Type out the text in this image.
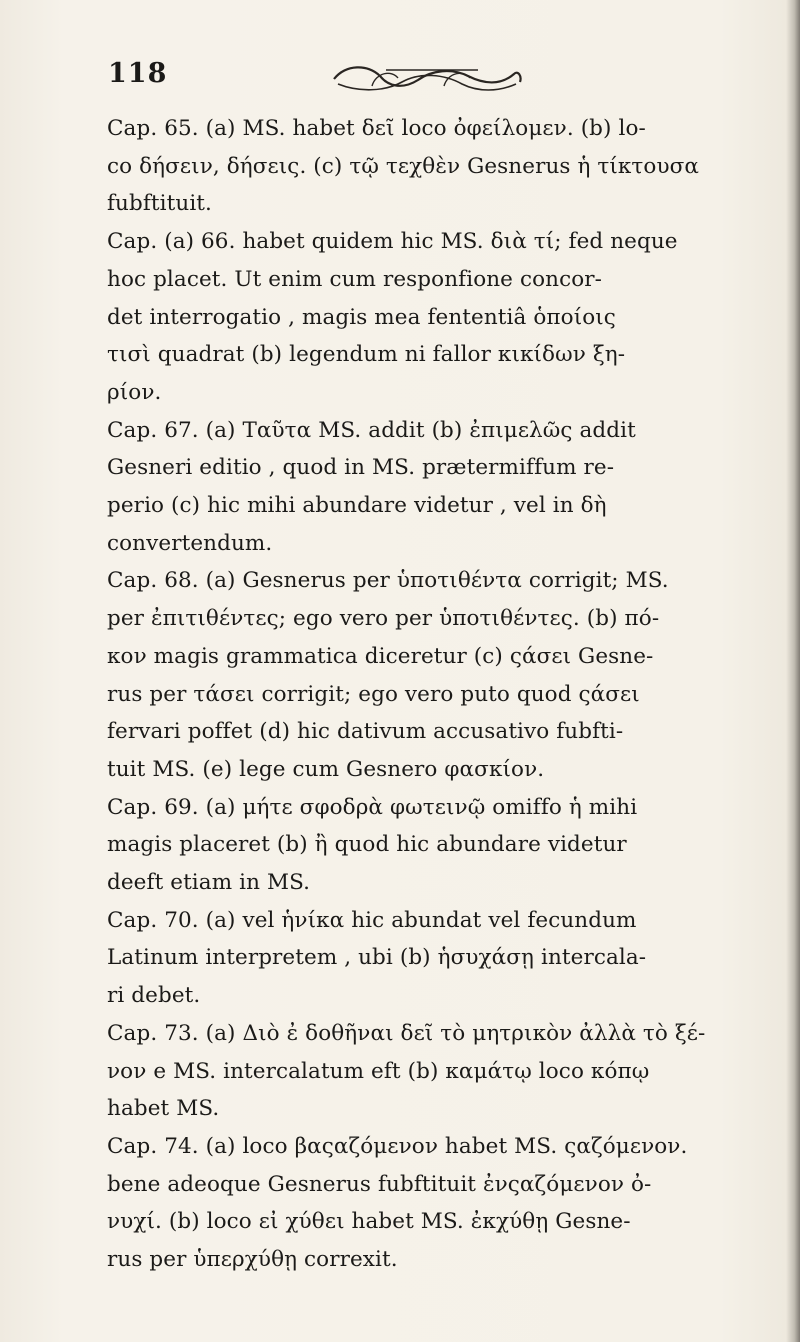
118
Cap. 65. (a) MS. habet δεῖ loco ὀφείλομεν. (b) lo-
co δήσειν, δήσεις. (c) τῷ τεχθὲν Gesnerus ἡ τίκτουσα
fubftituit.
Cap. (a) 66. habet quidem hic MS. διὰ τί; fed neque
hoc placet. Ut enim cum responfione concor-
det interrogatio , magis mea fententiâ ὁποίοις
τισὶ quadrat (b) legendum ni fallor κικίδων ξη-
ρίον.
Cap. 67. (a) Ταῦτα MS. addit (b) ἐπιμελῶς addit
Gesneri editio , quod in MS. prætermiffum re-
perio (c) hic mihi abundare videtur , vel in δὴ
convertendum.
Cap. 68. (a) Gesnerus per ὑποτιθέντα corrigit; MS.
per ἐπιτιθέντες; ego vero per ὑποτιθέντες. (b) πό-
κον magis grammatica diceretur (c) ςάσει Gesne-
rus per τάσει corrigit; ego vero puto quod ςάσει
fervari poffet (d) hic dativum accusativo fubfti-
tuit MS. (e) lege cum Gesnero φασκίον.
Cap. 69. (a) μήτε σφοδρὰ φωτεινῷ omiffo ἡ mihi
magis placeret (b) ἢ quod hic abundare videtur
deeft etiam in MS.
Cap. 70. (a) vel ἡνίκα hic abundat vel fecundum
Latinum interpretem , ubi (b) ἡσυχάσῃ intercala-
ri debet.
Cap. 73. (a) Διὸ ἐ δοθῆναι δεῖ τὸ μητρικὸν ἀλλὰ τὸ ξέ-
νον e MS. intercalatum eft (b) καμάτῳ loco κόπῳ
habet MS.
Cap. 74. (a) loco βαςαζόμενον habet MS. ςαζόμενον.
bene adeoque Gesnerus fubftituit ἐνςαζόμενον ὀ-
νυχί. (b) loco εἰ χύθει habet MS. ἐκχύθῃ Gesne-
rus per ὑπερχύθῃ correxit.
